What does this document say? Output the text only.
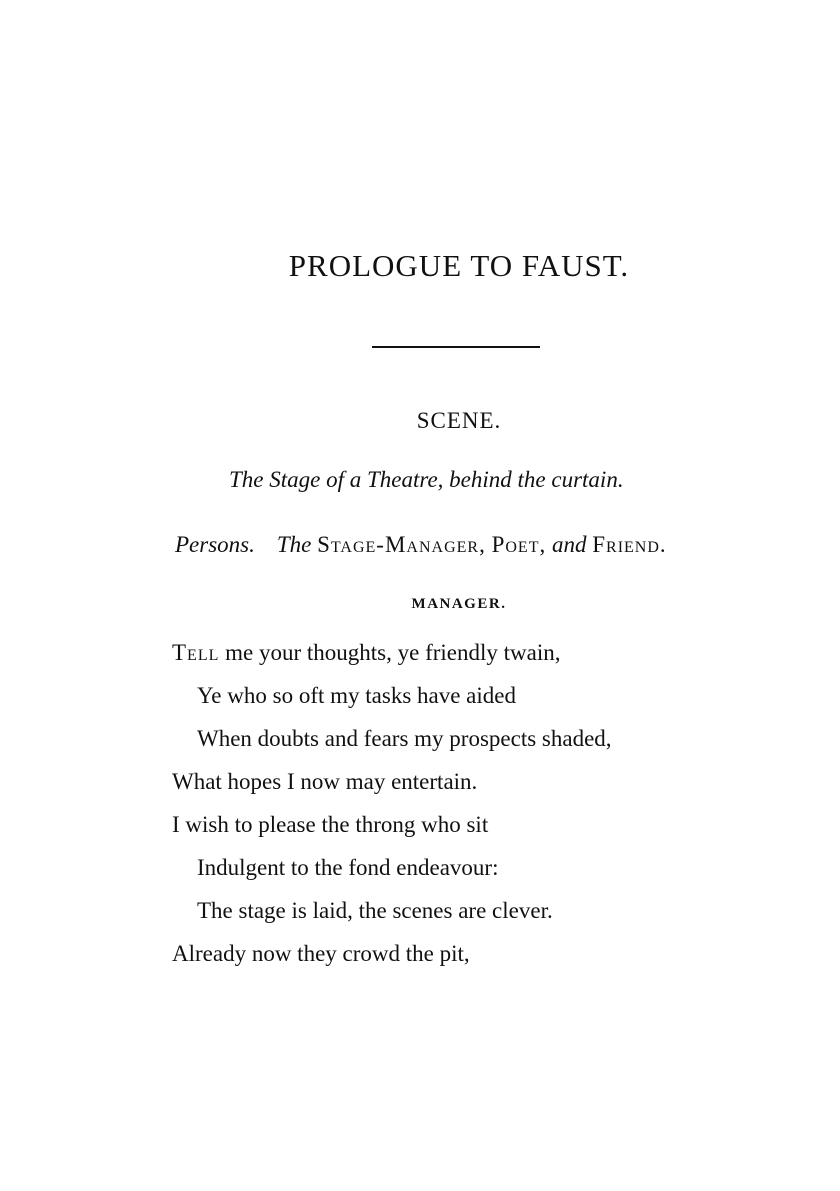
PROLOGUE TO FAUST.
SCENE.
The Stage of a Theatre, behind the curtain.
Persons. The Stage-Manager, Poet, and Friend.
MANAGER.
Tell me your thoughts, ye friendly twain,
Ye who so oft my tasks have aided
When doubts and fears my prospects shaded,
What hopes I now may entertain.
I wish to please the throng who sit
Indulgent to the fond endeavour:
The stage is laid, the scenes are clever.
Already now they crowd the pit,
